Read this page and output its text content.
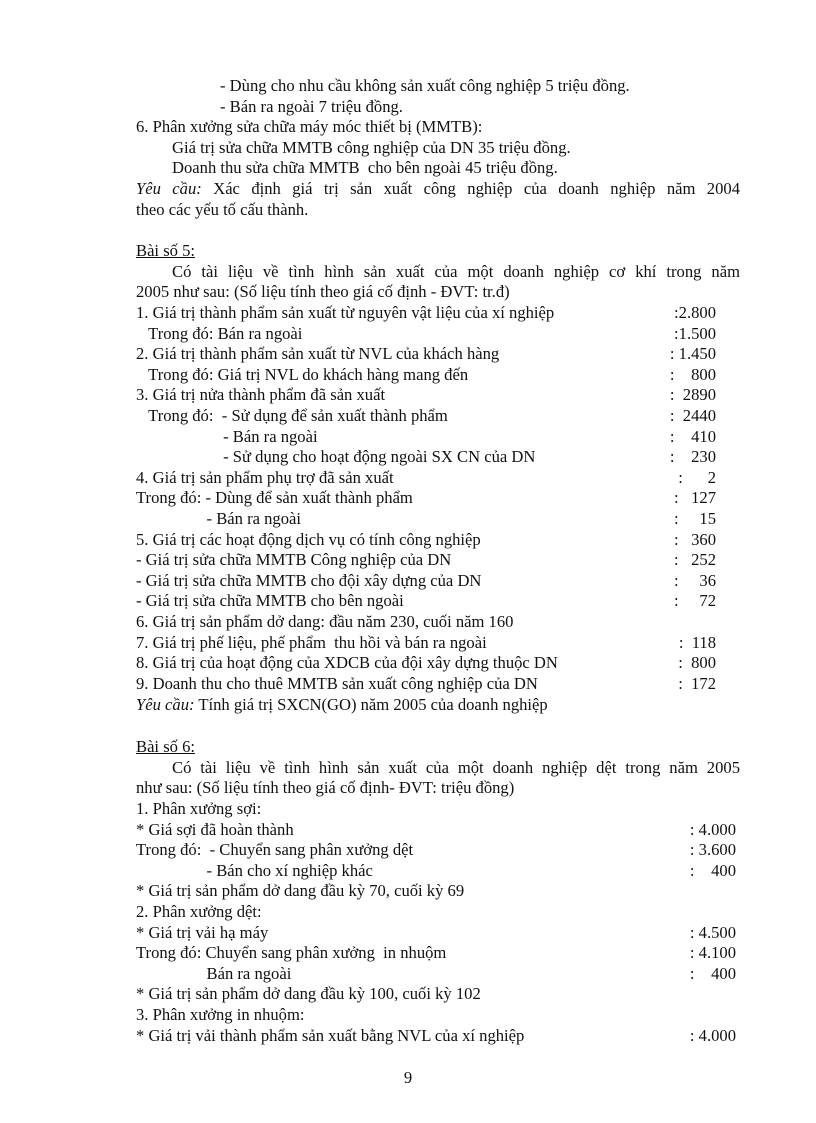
- Dùng cho nhu cầu không sản xuất công nghiệp 5 triệu đồng.
- Bán ra ngoài 7 triệu đồng.
6. Phân xưởng sửa chữa máy móc thiết bị (MMTB):
Giá trị sửa chữa MMTB công nghiệp của DN 35 triệu đồng.
Doanh thu sửa chữa MMTB  cho bên ngoài 45 triệu đồng.
Yêu cầu: Xác định giá trị sản xuất công nghiệp của doanh nghiệp năm 2004
theo các yếu tố cấu thành.
Bài số 5:
Có tài liệu về tình hình sản xuất của một doanh nghiệp cơ khí trong năm
2005 như sau: (Số liệu tính theo giá cố định - ĐVT: tr.đ)
1. Giá trị thành phẩm sản xuất từ nguyên vật liệu của xí nghiệp	:2.800
Trong đó: Bán ra ngoài	:1.500
2. Giá trị thành phẩm sản xuất từ NVL của khách hàng	: 1.450
Trong đó: Giá trị NVL do khách hàng mang đến	:    800
3. Giá trị nửa thành phẩm đã sản xuất	:  2890
Trong đó:  - Sử dụng để sản xuất thành phẩm	:  2440
- Bán ra ngoài	:    410
- Sử dụng cho hoạt động ngoài SX CN của DN	:    230
4. Giá trị sản phẩm phụ trợ đã sản xuất	:      2
Trong đó: - Dùng để sản xuất thành phẩm	:   127
- Bán ra ngoài	:     15
5. Giá trị các hoạt động dịch vụ có tính công nghiệp	:   360
- Giá trị sửa chữa MMTB Công nghiệp của DN	:   252
- Giá trị sửa chữa MMTB cho đội xây dựng của DN	:     36
- Giá trị sửa chữa MMTB cho bên ngoài	:     72
6. Giá trị sản phẩm dở dang: đầu năm 230, cuối năm 160
7. Giá trị phế liệu, phế phẩm  thu hồi và bán ra ngoài	:  118
8. Giá trị của hoạt động của XDCB của đội xây dựng thuộc DN	:  800
9. Doanh thu cho thuê MMTB sản xuất công nghiệp của DN	:  172
Yêu cầu: Tính giá trị SXCN(GO) năm 2005 của doanh nghiệp
Bài số 6:
Có tài liệu về tình hình sản xuất của một doanh nghiệp dệt trong năm 2005
như sau: (Số liệu tính theo giá cố định- ĐVT: triệu đồng)
1. Phân xưởng sợi:
* Giá sợi đã hoàn thành	: 4.000
Trong đó:  - Chuyển sang phân xưởng dệt	: 3.600
- Bán cho xí nghiệp khác	:    400
* Giá trị sản phẩm dở dang đầu kỳ 70, cuối kỳ 69
2. Phân xưởng dệt:
* Giá trị vải hạ máy	: 4.500
Trong đó: Chuyển sang phân xưởng  in nhuộm	: 4.100
Bán ra ngoài	:    400
* Giá trị sản phẩm dở dang đầu kỳ 100, cuối kỳ 102
3. Phân xưởng in nhuộm:
* Giá trị vải thành phẩm sản xuất bằng NVL của xí nghiệp	: 4.000
9
